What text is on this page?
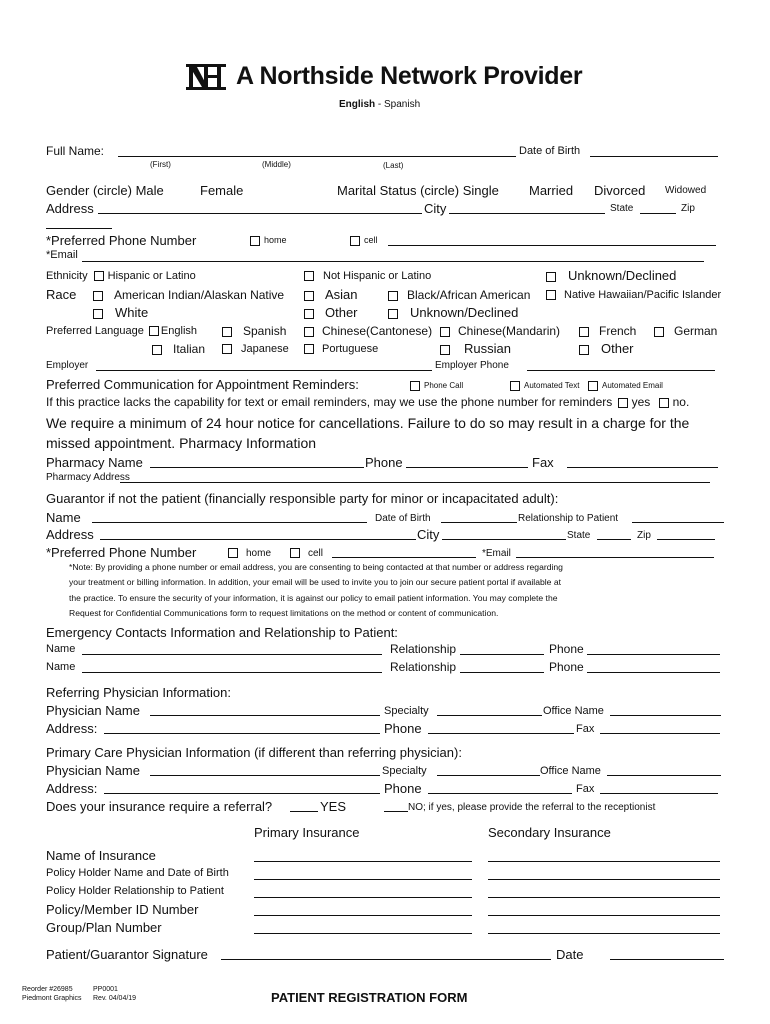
A Northside Network Provider
English - Spanish
Full Name:	Date of Birth
(First)	(Middle)	(Last)
Gender (circle) Male	Female	Marital Status (circle) Single Married Divorced Widowed
Address	City	State	Zip
*Preferred Phone Number	home	cell
*Email
Ethnicity Hispanic or Latino	Not Hispanic or Latino	Unknown/Declined
Race	American Indian/Alaskan Native	Asian	Black/African American	Native Hawaiian/Pacific Islander
White	Other	Unknown/Declined
Preferred Language English	Spanish	Chinese(Cantonese)	Chinese(Mandarin)	French	German
Italian	Japanese	Portuguese	Russian	Other
Employer	Employer Phone
Preferred Communication for Appointment Reminders:	Phone Call	Automated Text	Automated Email
If this practice lacks the capability for text or email reminders, may we use the phone number for reminders yes no.
We require a minimum of 24 hour notice for cancellations. Failure to do so may result in a charge for the
missed appointment. Pharmacy Information
Pharmacy Name	Phone	Fax
Pharmacy Address
Guarantor if not the patient (financially responsible party for minor or incapacitated adult):
Name	Date of Birth	Relationship to Patient
Address	City	State	Zip
*Preferred Phone Number	home	cell	*Email
*Note: By providing a phone number or email address, you are consenting to being contacted at that number or address regarding
your treatment or billing information. In addition, your email will be used to invite you to join our secure patient portal if available at
the practice. To ensure the security of your information, it is against our policy to email patient information. You may complete the
Request for Confidential Communications form to request limitations on the method or content of communication.
Emergency Contacts Information and Relationship to Patient:
Name	Relationship	Phone
Name	Relationship	Phone
Referring Physician Information:
Physician Name	Specialty	Office Name
Address:	Phone	Fax
Primary Care Physician Information (if different than referring physician):
Physician Name	Specialty	Office Name
Address:	Phone	Fax
Does your insurance require a referral?	YES	NO; if yes, please provide the referral to the receptionist
Primary Insurance	Secondary Insurance
Name of Insurance
Policy Holder Name and Date of Birth
Policy Holder Relationship to Patient
Policy/Member ID Number
Group/Plan Number
Patient/Guarantor Signature	Date
Reorder #26985	PP0001
Piedmont Graphics Rev. 04/04/19	PATIENT REGISTRATION FORM
